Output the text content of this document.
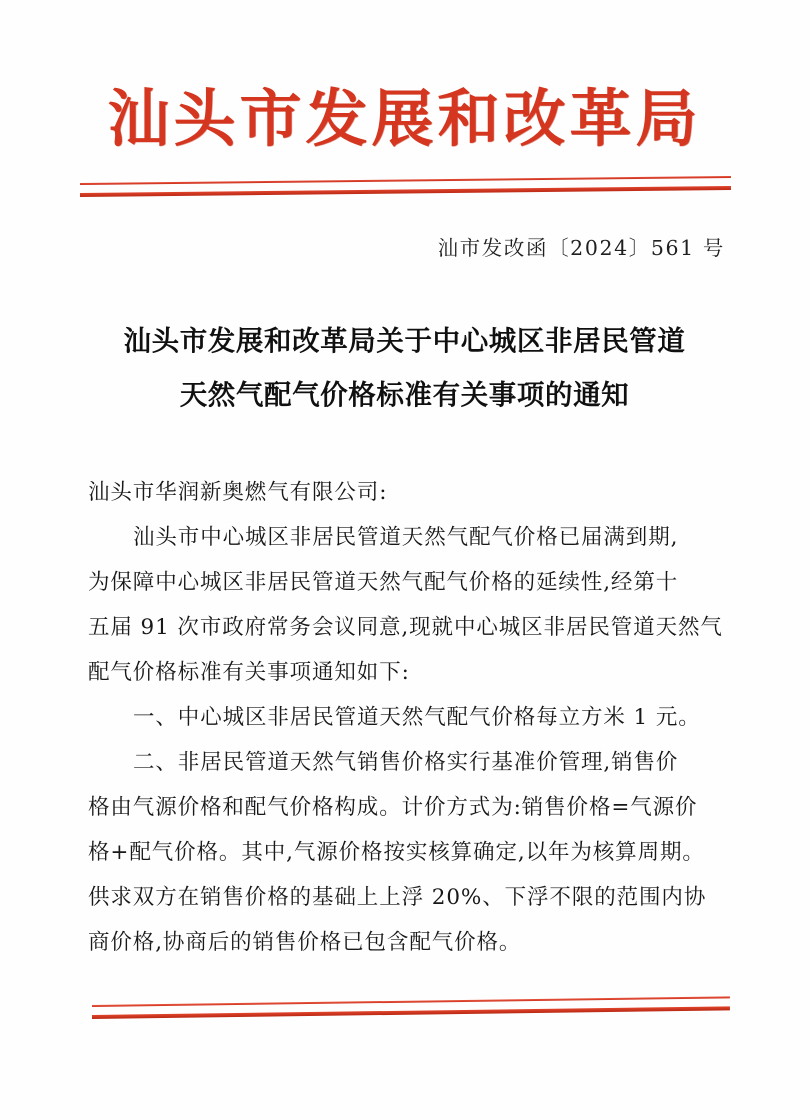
汕头市发展和改革局
汕市发改函〔2024〕561 号
汕头市发展和改革局关于中心城区非居民管道
天然气配气价格标准有关事项的通知
汕头市华润新奥燃气有限公司:
汕头市中心城区非居民管道天然气配气价格已届满到期,
为保障中心城区非居民管道天然气配气价格的延续性,经第十
五届 91 次市政府常务会议同意,现就中心城区非居民管道天然气
配气价格标准有关事项通知如下:
一、中心城区非居民管道天然气配气价格每立方米 1 元。
二、非居民管道天然气销售价格实行基准价管理,销售价
格由气源价格和配气价格构成。计价方式为:销售价格=气源价
格+配气价格。其中,气源价格按实核算确定,以年为核算周期。
供求双方在销售价格的基础上上浮 20%、下浮不限的范围内协
商价格,协商后的销售价格已包含配气价格。
